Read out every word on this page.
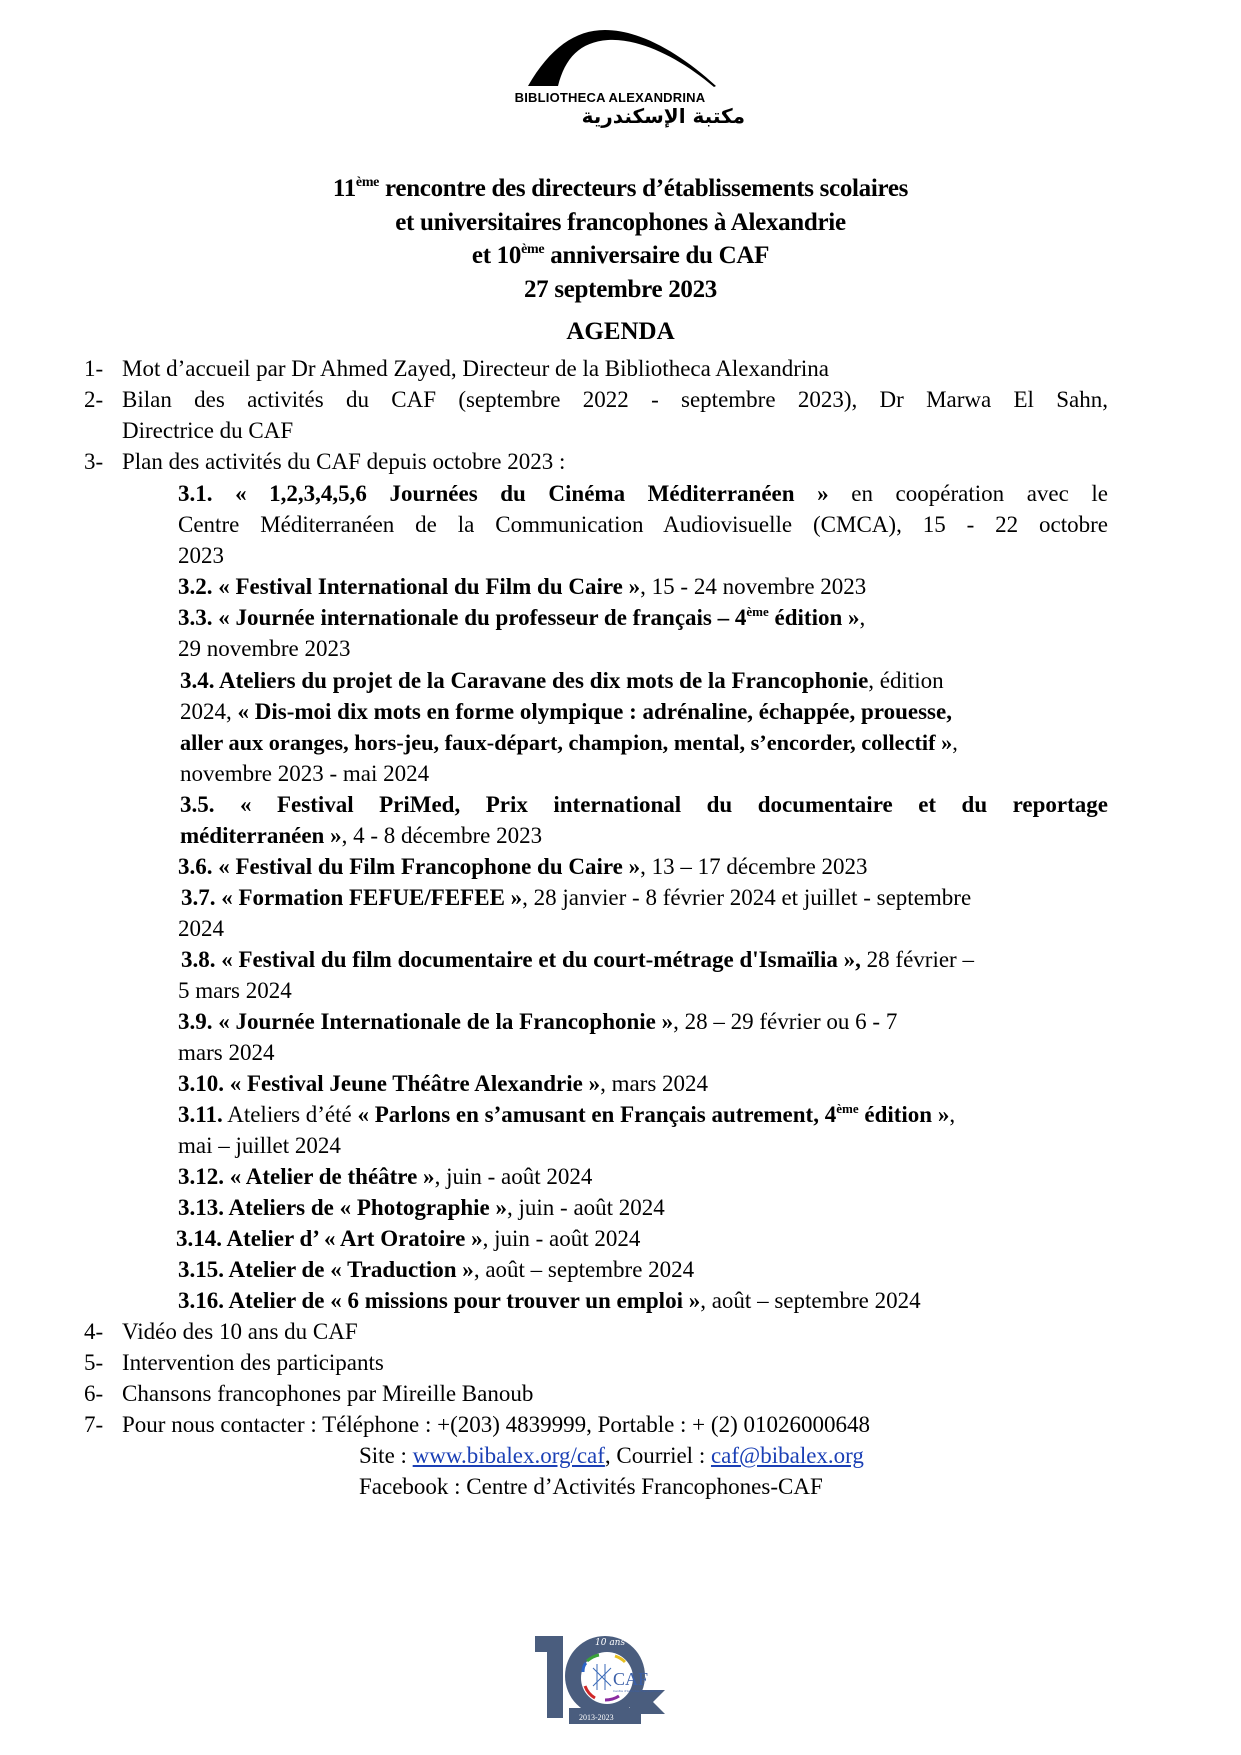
BIBLIOTHECA ALEXANDRINA
مكتبة الإسكندرية
11ème rencontre des directeurs d’établissements scolaires
et universitaires francophones à Alexandrie
et 10ème anniversaire du CAF
27 septembre 2023
AGENDA
1- Mot d’accueil par Dr Ahmed Zayed, Directeur de la Bibliotheca Alexandrina
2- Bilan des activités du CAF (septembre 2022 - septembre 2023), Dr Marwa El Sahn,
Directrice du CAF
3- Plan des activités du CAF depuis octobre 2023 :
3.1. « 1,2,3,4,5,6 Journées du Cinéma Méditerranéen » en coopération avec le
Centre Méditerranéen de la Communication Audiovisuelle (CMCA), 15 - 22 octobre
2023
3.2. « Festival International du Film du Caire », 15 - 24 novembre 2023
3.3. « Journée internationale du professeur de français – 4ème édition »,
29 novembre 2023
3.4. Ateliers du projet de la Caravane des dix mots de la Francophonie, édition
2024, « Dis-moi dix mots en forme olympique : adrénaline, échappée, prouesse,
aller aux oranges, hors-jeu, faux-départ, champion, mental, s’encorder, collectif »,
novembre 2023 - mai 2024
3.5. « Festival PriMed, Prix international du documentaire et du reportage
méditerranéen », 4 - 8 décembre 2023
3.6. « Festival du Film Francophone du Caire », 13 – 17 décembre 2023
3.7. « Formation FEFUE/FEFEE », 28 janvier - 8 février 2024 et juillet - septembre
2024
3.8. « Festival du film documentaire et du court-métrage d'Ismaïlia », 28 février –
5 mars 2024
3.9. « Journée Internationale de la Francophonie », 28 – 29 février ou 6 - 7
mars 2024
3.10. « Festival Jeune Théâtre Alexandrie », mars 2024
3.11. Ateliers d’été « Parlons en s’amusant en Français autrement, 4ème édition »,
mai – juillet 2024
3.12. « Atelier de théâtre », juin - août 2024
3.13. Ateliers de « Photographie », juin - août 2024
3.14. Atelier d’ « Art Oratoire », juin - août 2024
3.15. Atelier de « Traduction », août – septembre 2024
3.16. Atelier de « 6 missions pour trouver un emploi », août – septembre 2024
4- Vidéo des 10 ans du CAF
5- Intervention des participants
6- Chansons francophones par Mireille Banoub
7- Pour nous contacter : Téléphone : +(203) 4839999, Portable : + (2) 01026000648
Site : www.bibalex.org/caf, Courriel : caf@bibalex.org
Facebook : Centre d’Activités Francophones-CAF
10 ans
CAF
Centre d'Activités Francophones
2013-2023
